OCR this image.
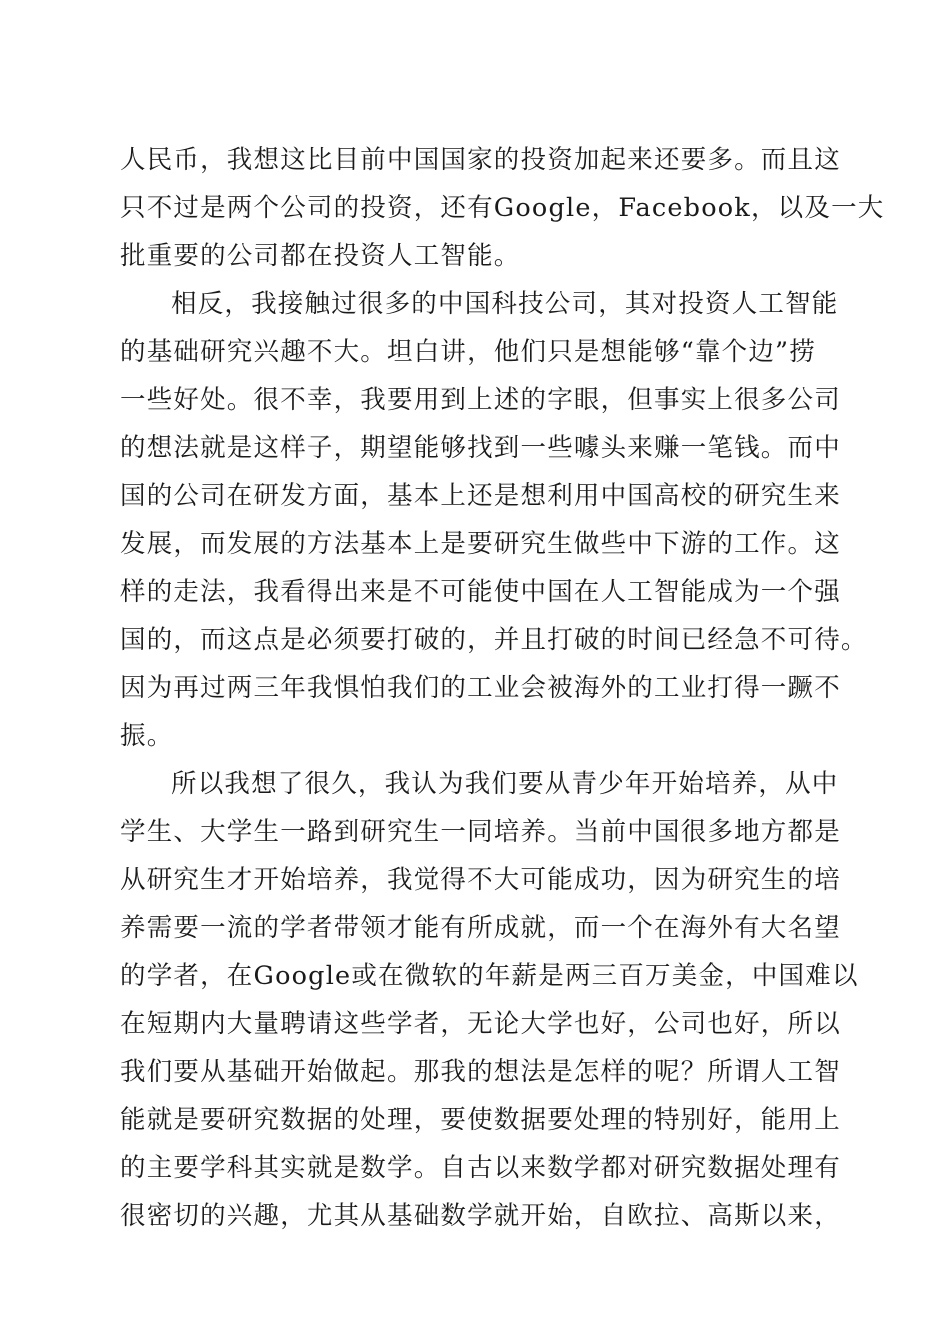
人民币，我想这比目前中国国家的投资加起来还要多。而且这
只不过是两个公司的投资，还有Google，Facebook，以及一大
批重要的公司都在投资人工智能。
相反，我接触过很多的中国科技公司，其对投资人工智能
的基础研究兴趣不大。坦白讲，他们只是想能够“靠个边”捞
一些好处。很不幸，我要用到上述的字眼，但事实上很多公司
的想法就是这样子，期望能够找到一些噱头来赚一笔钱。而中
国的公司在研发方面，基本上还是想利用中国高校的研究生来
发展，而发展的方法基本上是要研究生做些中下游的工作。这
样的走法，我看得出来是不可能使中国在人工智能成为一个强
国的，而这点是必须要打破的，并且打破的时间已经急不可待。
因为再过两三年我惧怕我们的工业会被海外的工业打得一蹶不
振。
所以我想了很久，我认为我们要从青少年开始培养，从中
学生、大学生一路到研究生一同培养。当前中国很多地方都是
从研究生才开始培养，我觉得不大可能成功，因为研究生的培
养需要一流的学者带领才能有所成就，而一个在海外有大名望
的学者，在Google或在微软的年薪是两三百万美金，中国难以
在短期内大量聘请这些学者，无论大学也好，公司也好，所以
我们要从基础开始做起。那我的想法是怎样的呢？所谓人工智
能就是要研究数据的处理，要使数据要处理的特别好，能用上
的主要学科其实就是数学。自古以来数学都对研究数据处理有
很密切的兴趣，尤其从基础数学就开始，自欧拉、高斯以来，
